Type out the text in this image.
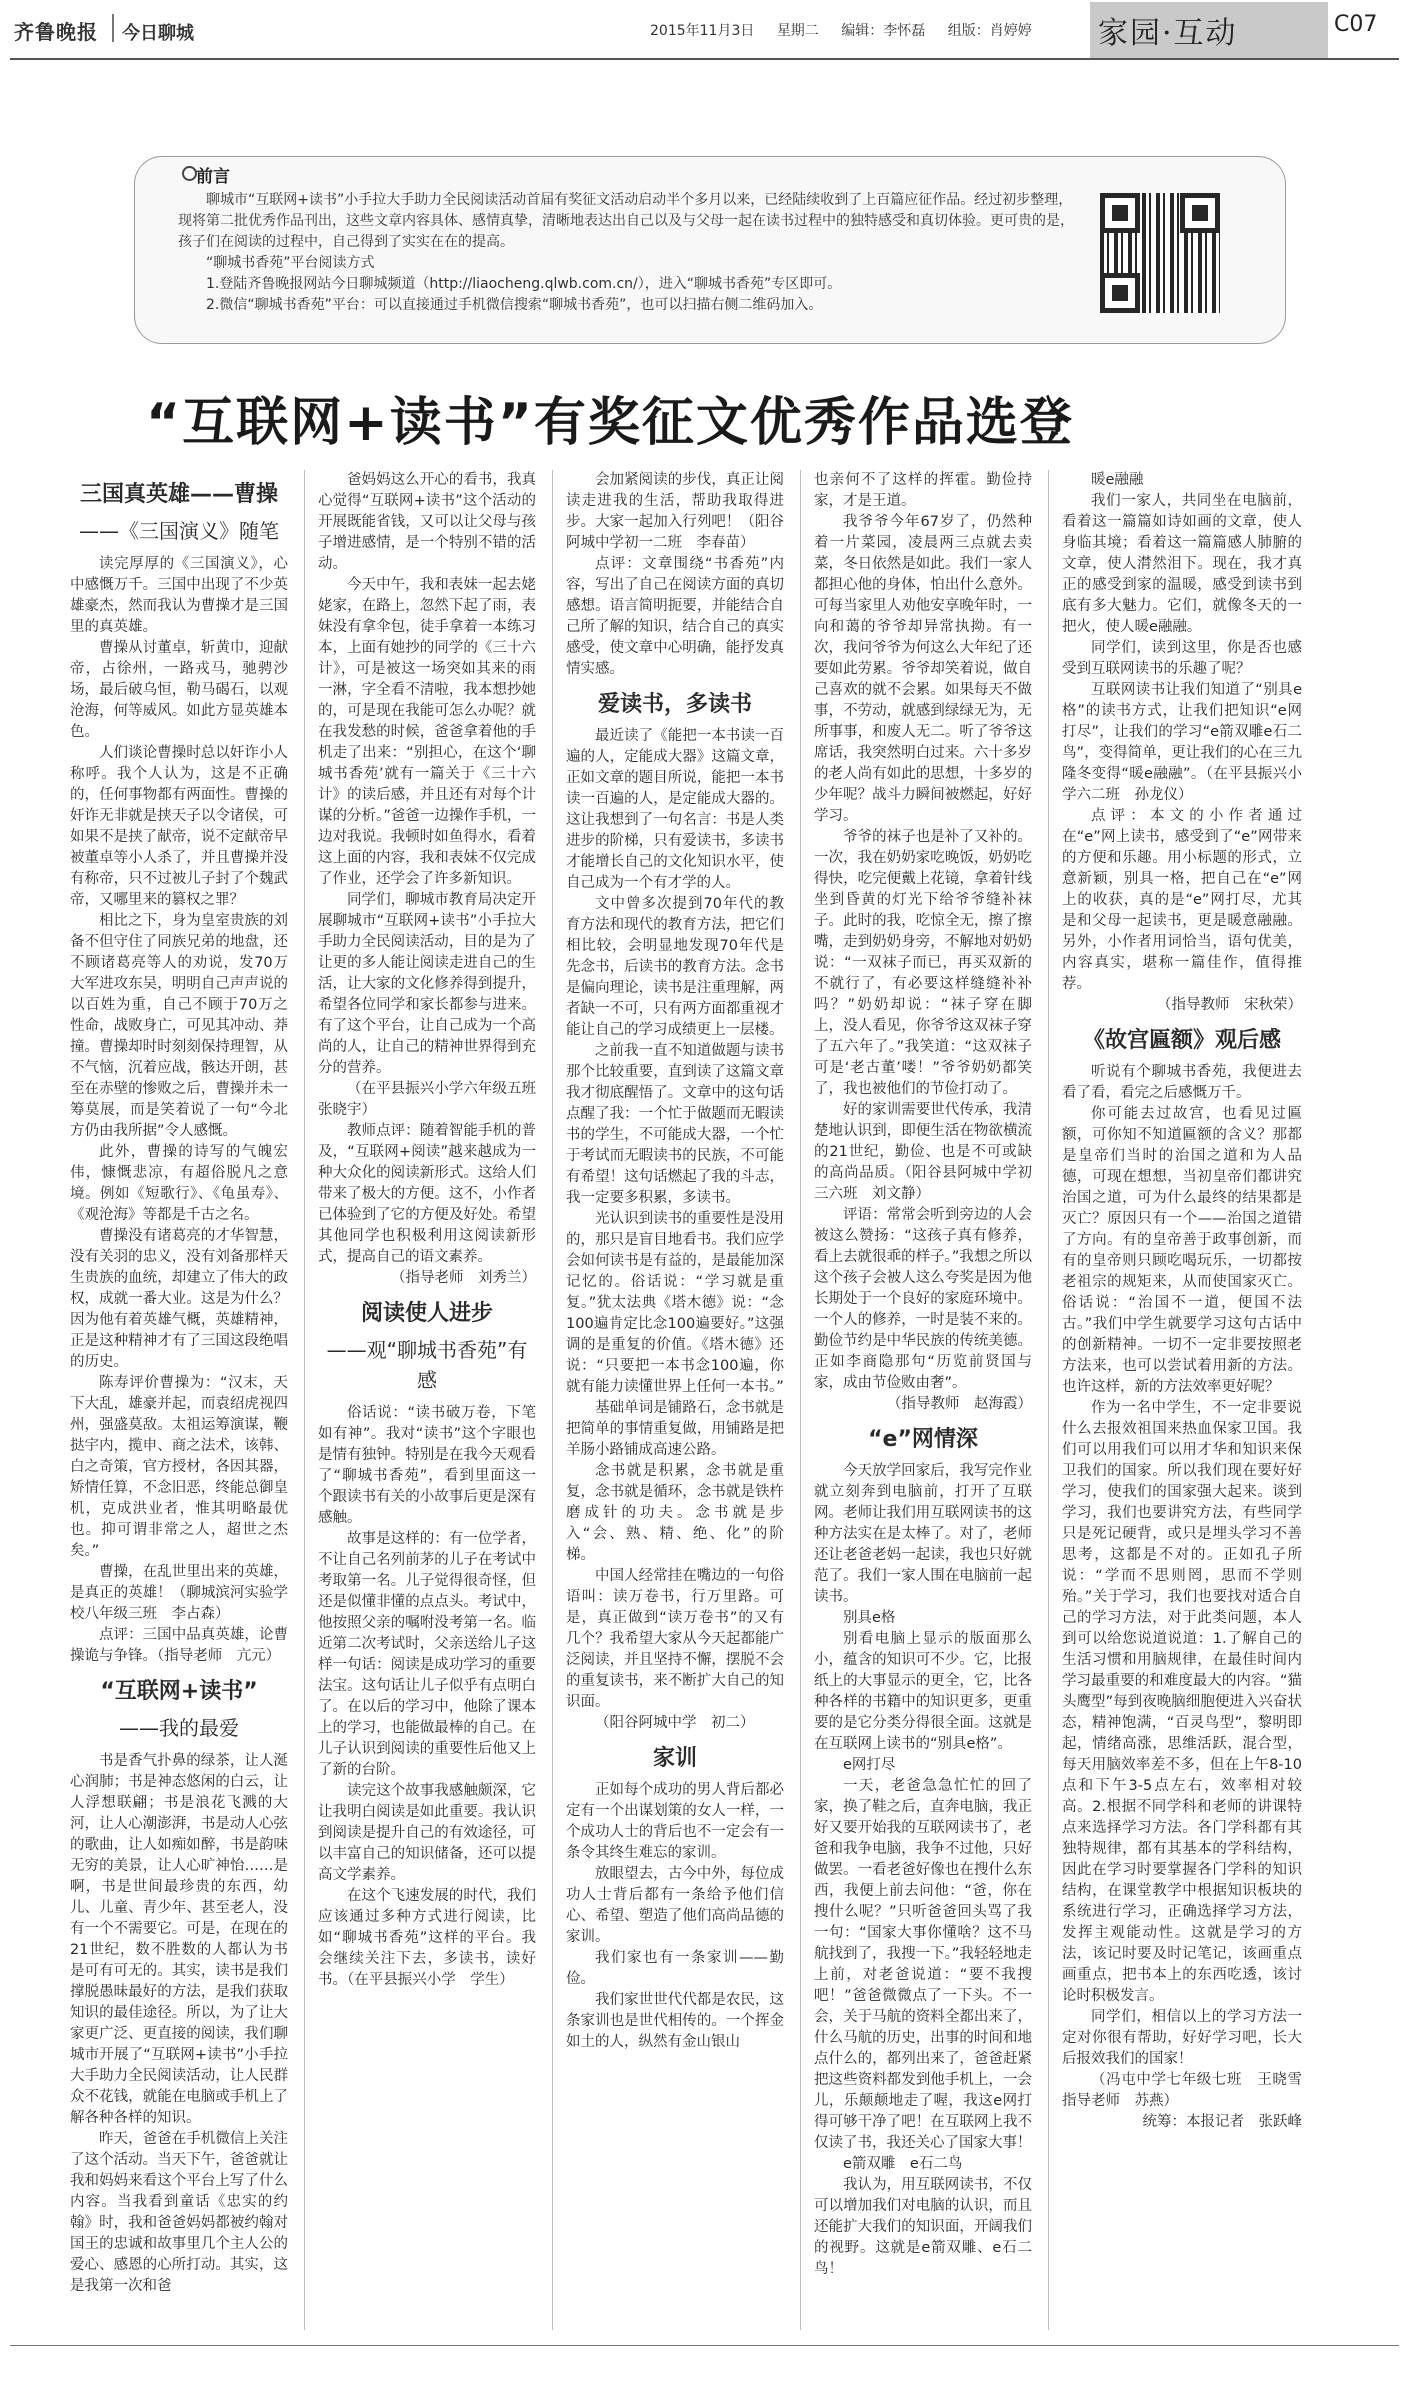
齐鲁晚报 今日聊城	2015年11月3日 星期二 编辑：李怀磊 组版：肖婷婷	家园·互动	C07
前言

聊城市“互联网+读书”小手拉大手助力全民阅读活动首届有奖征文活动启动半个多月以来，已经陆续收到了上百篇应征作品。经过初步整理，现将第二批优秀作品刊出，这些文章内容具体、感情真挚，清晰地表达出自己以及与父母一起在读书过程中的独特感受和真切体验。更可贵的是，孩子们在阅读的过程中，自己得到了实实在在的提高。

“聊城书香苑”平台阅读方式

1.登陆齐鲁晚报网站今日聊城频道（http://liaocheng.qlwb.com.cn/），进入“聊城书香苑”专区即可。

2.微信“聊城书香苑”平台：可以直接通过手机微信搜索“聊城书香苑”，也可以扫描右侧二维码加入。

“互联网+读书”有奖征文优秀作品选登
三国真英雄——曹操
——《三国演义》随笔

读完厚厚的《三国演义》，心中感慨万千。三国中出现了不少英雄豪杰，然而我认为曹操才是三国里的真英雄。

曹操从讨董卓，斩黄巾，迎献帝，占徐州，一路戎马，驰骋沙场，最后破乌恒，勒马碣石，以观沧海，何等威风。如此方显英雄本色。

人们谈论曹操时总以奸诈小人称呼。我个人认为，这是不正确的，任何事物都有两面性。曹操的奸诈无非就是挟天子以令诸侯，可如果不是挟了献帝，说不定献帝早被董卓等小人杀了，并且曹操并没有称帝，只不过被儿子封了个魏武帝，又哪里来的篡权之罪？

相比之下，身为皇室贵族的刘备不但守住了同族兄弟的地盘，还不顾诸葛亮等人的劝说，发70万大军进攻东吴，明明自己声声说的以百姓为重，自己不顾于70万之性命，战败身亡，可见其冲动、莽撞。曹操却时时刻刻保持理智，从不气恼，沉着应战，骸达开朗，甚至在赤壁的惨败之后，曹操并未一筹莫展，而是笑着说了一句“今北方仍由我所据”令人感慨。

此外，曹操的诗写的气魄宏伟，慷慨悲凉，有超俗脱凡之意境。例如《短歌行》、《龟虽寿》、《观沧海》等都是千古之名。

曹操没有诸葛亮的才华智慧，没有关羽的忠义，没有刘备那样天生贵族的血统，却建立了伟大的政权，成就一番大业。这是为什么？因为他有着英雄气概，英雄精神，正是这种精神才有了三国这段绝唱的历史。

陈寿评价曹操为：“汉末，天下大乱，雄豪并起，而袁绍虎视四州，强盛莫敌。太祖运筹演谋，鞭挞宇内，揽申、商之法术，该韩、白之奇策，官方授材，各因其器，矫情任算，不念旧恶，终能总御皇机，克成洪业者，惟其明略最优也。抑可谓非常之人，超世之杰矣。”

曹操，在乱世里出来的英雄，是真正的英雄！（聊城滨河实验学校八年级三班　李占森）

点评：三国中品真英雄，论曹操诡与争锋。（指导老师　亢元）

“互联网+读书”
——我的最爱

书是香气扑鼻的绿茶，让人涎心润肺；书是神态悠闲的白云，让人浮想联翩；书是浪花飞溅的大河，让人心潮澎湃，书是动人心弦的歌曲，让人如痴如醉，书是韵味无穷的美景，让人心旷神怡……是啊，书是世间最珍贵的东西，幼儿、儿童、青少年、甚至老人，没有一个不需要它。可是，在现在的21世纪，数不胜数的人都认为书是可有可无的。其实，读书是我们撑脱愚昧最好的方法，是我们获取知识的最佳途径。所以，为了让大家更广泛、更直接的阅读，我们聊城市开展了“互联网+读书”小手拉大手助力全民阅读活动，让人民群众不花钱，就能在电脑或手机上了解各种各样的知识。

昨天，爸爸在手机微信上关注了这个活动。当天下午，爸爸就让我和妈妈来看这个平台上写了什么内容。当我看到童话《忠实的约翰》时，我和爸爸妈妈都被约翰对国王的忠诚和故事里几个主人公的爱心、感恩的心所打动。其实，这是我第一次和爸

爸妈妈这么开心的看书，我真心觉得“互联网+读书”这个活动的开展既能省钱，又可以让父母与孩子增进感情，是一个特别不错的活动。

今天中午，我和表妹一起去姥姥家，在路上，忽然下起了雨，表妹没有拿伞包，徒手拿着一本练习本，上面有她抄的同学的《三十六计》，可是被这一场突如其来的雨一淋，字全看不清啦，我本想抄她的，可是现在我能可怎么办呢？就在我发愁的时候，爸爸拿着他的手机走了出来：“别担心，在这个‘聊城书香苑’就有一篇关于《三十六计》的读后感，并且还有对每个计谋的分析。”爸爸一边操作手机，一边对我说。我顿时如鱼得水，看着这上面的内容，我和表妹不仅完成了作业，还学会了许多新知识。

同学们，聊城市教育局决定开展聊城市“互联网+读书”小手拉大手助力全民阅读活动，目的是为了让更的多人能让阅读走进自己的生活，让大家的文化修养得到提升，希望各位同学和家长都参与进来。有了这个平台，让自己成为一个高尚的人，让自己的精神世界得到充分的营养。

（在平县振兴小学六年级五班　张晓宇）

教师点评：随着智能手机的普及，“互联网+阅读”越来越成为一种大众化的阅读新形式。这给人们带来了极大的方便。这不，小作者已体验到了它的方便及好处。希望其他同学也积极利用这阅读新形式，提高自己的语文素养。

（指导老师　刘秀兰）

阅读使人进步
——观“聊城书香苑”有感

俗话说：“读书破万卷，下笔如有神”。我对“读书”这个字眼也是情有独钟。特别是在我今天观看了“聊城书香苑”，看到里面这一个跟读书有关的小故事后更是深有感触。

故事是这样的：有一位学者，不让自己名列前茅的儿子在考试中考取第一名。儿子觉得很奇怪，但还是似懂非懂的点点头。考试中，他按照父亲的嘱咐没考第一名。临近第二次考试时，父亲送给儿子这样一句话：阅读是成功学习的重要法宝。这句话让儿子似乎有点明白了。在以后的学习中，他除了课本上的学习，也能做最棒的自己。在儿子认识到阅读的重要性后他又上了新的台阶。

读完这个故事我感触颇深，它让我明白阅读是如此重要。我认识到阅读是提升自己的有效途径，可以丰富自己的知识储备，还可以提高文学素养。

在这个飞速发展的时代，我们应该通过多种方式进行阅读，比如“聊城书香苑”这样的平台。我会继续关注下去，多读书，读好书。（在平县振兴小学　学生）

会加紧阅读的步伐，真正让阅读走进我的生活，帮助我取得进步。大家一起加入行列吧！（阳谷阿城中学初一二班　李春苗）

点评：文章围绕“书香苑”内容，写出了自己在阅读方面的真切感想。语言简明扼要，并能结合自己所了解的知识，结合自己的真实感受，使文章中心明确，能抒发真情实感。

爱读书，多读书

最近读了《能把一本书读一百遍的人，定能成大器》这篇文章，正如文章的题目所说，能把一本书读一百遍的人，是定能成大器的。这让我想到了一句名言：书是人类进步的阶梯，只有爱读书，多读书才能增长自己的文化知识水平，使自己成为一个有才学的人。

文中曾多次提到70年代的教育方法和现代的教育方法，把它们相比较，会明显地发现70年代是先念书，后读书的教育方法。念书是偏向理论，读书是注重理解，两者缺一不可，只有两方面都重视才能让自己的学习成绩更上一层楼。

之前我一直不知道做题与读书那个比较重要，直到读了这篇文章我才彻底醒悟了。文章中的这句话点醒了我：一个忙于做题而无暇读书的学生，不可能成大器，一个忙于考试而无暇读书的民族，不可能有希望！这句话燃起了我的斗志，我一定要多积累，多读书。

光认识到读书的重要性是没用的，那只是盲目地看书。我们应学会如何读书是有益的，是最能加深记忆的。俗话说：“学习就是重复。”犹太法典《塔木德》说：“念100遍肯定比念100遍要好。”这强调的是重复的价值。《塔木德》还说：“只要把一本书念100遍，你就有能力读懂世界上任何一本书。”

基础单词是铺路石，念书就是把简单的事情重复做，用铺路是把羊肠小路铺成高速公路。

念书就是积累，念书就是重复，念书就是循环，念书就是铁杵磨成针的功夫。念书就是步入“会、熟、精、绝、化”的阶梯。

中国人经常挂在嘴边的一句俗语叫：读万卷书，行万里路。可是，真正做到“读万卷书”的又有几个？我希望大家从今天起都能广泛阅读，并且坚持不懈，摆脱不会的重复读书，来不断扩大自己的知识面。

（阳谷阿城中学　初二）

家训

正如每个成功的男人背后都必定有一个出谋划策的女人一样，一个成功人士的背后也不一定会有一条令其终生难忘的家训。

放眼望去，古今中外，每位成功人士背后都有一条给予他们信心、希望、塑造了他们高尚品德的家训。

我们家也有一条家训——勤俭。

我们家世世代代都是农民，这条家训也是世代相传的。一个挥金如土的人，纵然有金山银山

也亲何不了这样的挥霍。勤俭持家，才是王道。

我爷爷今年67岁了，仍然种着一片菜园，凌晨两三点就去卖菜，冬日依然是如此。我们一家人都担心他的身体，怕出什么意外。可每当家里人劝他安享晚年时，一向和蔼的爷爷却异常执拗。有一次，我问爷爷为何这么大年纪了还要如此劳累。爷爷却笑着说，做自己喜欢的就不会累。如果每天不做事，不劳动，就感到绿绿无为，无所事事，和废人无二。听了爷爷这席话，我突然明白过来。六十多岁的老人尚有如此的思想，十多岁的少年呢？战斗力瞬间被燃起，好好学习。

爷爷的袜子也是补了又补的。一次，我在奶奶家吃晚饭，奶奶吃得快，吃完便戴上花镜，拿着针线坐到昏黄的灯光下给爷爷缝补袜子。此时的我，吃惊全无，擦了擦嘴，走到奶奶身旁，不解地对奶奶说：“一双袜子而已，再买双新的不就行了，有必要这样缝缝补补吗？”奶奶却说：“袜子穿在脚上，没人看见，你爷爷这双袜子穿了五六年了。”我笑道：“这双袜子可是‘老古董’喽！”爷爷奶奶都笑了，我也被他们的节俭打动了。

好的家训需要世代传承，我清楚地认识到，即便生活在物欲横流的21世纪，勤俭、也是不可或缺的高尚品质。（阳谷县阿城中学初三六班　刘文静）

评语：常常会听到旁边的人会被这么赞扬：“这孩子真有修养，看上去就很乖的样子。”我想之所以这个孩子会被人这么夸奖是因为他长期处于一个良好的家庭环境中。一个人的修养，一时是装不来的。勤俭节约是中华民族的传统美德。正如李商隐那句“历览前贤国与家，成由节俭败由奢”。

（指导教师　赵海霞）

“e”网情深

今天放学回家后，我写完作业就立刻奔到电脑前，打开了互联网。老师让我们用互联网读书的这种方法实在是太棒了。对了，老师还让老爸老妈一起读，我也只好就范了。我们一家人围在电脑前一起读书。

别具e格

别看电脑上显示的版面那么小，蕴含的知识可不少。它，比报纸上的大事显示的更全，它，比各种各样的书籍中的知识更多，更重要的是它分类分得很全面。这就是在互联网上读书的“别具e格”。

e网打尽

一天，老爸急急忙忙的回了家，换了鞋之后，直奔电脑，我正好又要开始我的互联网读书了，老爸和我争电脑，我争不过他，只好做罢。一看老爸好像也在搜什么东西，我便上前去问他：“爸，你在搜什么呢？”只听爸爸回头骂了我一句：“国家大事你懂啥？这不马航找到了，我搜一下。”我轻轻地走上前，对老爸说道：“要不我搜吧！”爸爸微微点了一下头。不一会，关于马航的资料全都出来了，什么马航的历史，出事的时间和地点什么的，都列出来了，爸爸赶紧把这些资料都发到他手机上，一会儿，乐颠颠地走了喔，我这e网打得可够干净了吧！在互联网上我不仅读了书，我还关心了国家大事！

e箭双雕　e石二鸟

我认为，用互联网读书，不仅可以增加我们对电脑的认识，而且还能扩大我们的知识面，开阔我们的视野。这就是e箭双雕、e石二鸟！

暖e融融

我们一家人，共同坐在电脑前，看着这一篇篇如诗如画的文章，使人身临其境；看着这一篇篇感人肺腑的文章，使人潸然泪下。现在，我才真正的感受到家的温暖，感受到读书到底有多大魅力。它们，就像冬天的一把火，使人暖e融融。

同学们，读到这里，你是否也感受到互联网读书的乐趣了呢？

互联网读书让我们知道了“别具e格”的读书方式，让我们把知识“e网打尽”，让我们的学习“e箭双雕e石二鸟”，变得简单，更让我们的心在三九隆冬变得“暖e融融”。（在平县振兴小学六二班　孙龙仪）

点评：本文的小作者通过在“e”网上读书，感受到了“e”网带来的方便和乐趣。用小标题的形式，立意新颖，别具一格，把自己在“e”网上的收获，真的是“e”网打尽，尤其是和父母一起读书，更是暖意融融。另外，小作者用词恰当，语句优美，内容真实，堪称一篇佳作，值得推荐。

（指导教师　宋秋荣）

《故宫匾额》观后感

听说有个聊城书香苑，我便进去看了看，看完之后感慨万千。

你可能去过故宫，也看见过匾额，可你知不知道匾额的含义？那都是皇帝们当时的治国之道和为人品德，可现在想想，当初皇帝们都讲究治国之道，可为什么最终的结果都是灭亡？原因只有一个——治国之道错了方向。有的皇帝善于政事创新，而有的皇帝则只顾吃喝玩乐，一切都按老祖宗的规矩来，从而使国家灭亡。俗话说：“治国不一道，便国不法古。”我们中学生就要学习这句古话中的创新精神。一切不一定非要按照老方法来，也可以尝试着用新的方法。也许这样，新的方法效率更好呢？

作为一名中学生，不一定非要说什么去报效祖国来热血保家卫国。我们可以用我们可以用才华和知识来保卫我们的国家。所以我们现在要好好学习，使我们的国家强大起来。谈到学习，我们也要讲究方法，有些同学只是死记硬背，或只是埋头学习不善思考，这都是不对的。正如孔子所说：“学而不思则罔，思而不学则殆。”关于学习，我们也要找对适合自己的学习方法，对于此类问题，本人到可以给您说道说道：1.了解自己的生活习惯和用脑规律，在最佳时间内学习最重要的和难度最大的内容。“猫头鹰型”每到夜晚脑细胞便进入兴奋状态，精神饱满，“百灵鸟型”，黎明即起，情绪高涨，思维活跃，混合型，每天用脑效率差不多，但在上午8-10点和下午3-5点左右，效率相对较高。2.根据不同学科和老师的讲课特点来选择学习方法。各门学科都有其独特规律，都有其基本的学科结构，因此在学习时要掌握各门学科的知识结构，在课堂教学中根据知识板块的系统进行学习，正确选择学习方法，发挥主观能动性。这就是学习的方法，该记时要及时记笔记，该画重点画重点，把书本上的东西吃透，该讨论时积极发言。

同学们，相信以上的学习方法一定对你很有帮助，好好学习吧，长大后报效我们的国家！

（冯屯中学七年级七班　王晓雪　指导老师　苏燕）

统筹：本报记者　张跃峰
